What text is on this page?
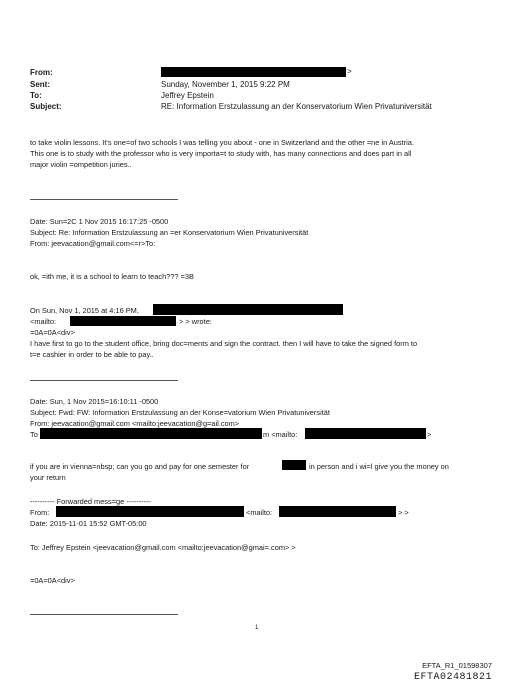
From:	>
Sent:	Sunday, November 1, 2015 9:22 PM
To:	Jeffrey Epstein
Subject:	RE: Information Erstzulassung an der Konservatorium Wien Privatuniversität
to take violin lessons. It's one=of two schools I was telling you about - one in Switzerland and the other =ne in Austria.
This one is to study with the professor who is very importa=t to study with, has many connections and does part in all
major violin =ompetition juries..
Date: Sun=2C 1 Nov 2015 16:17:25 -0500
Subject: Re: Information Erstzulassung an =er Konservatorium Wien Privatuniversität
From: jeevacation@gmail.com<=r>To:
ok, =ith me, it is a school to learn to teach??? =3B
On Sun, Nov 1, 2015 at 4:16 PM,
<mailto:	> > wrote:
=0A=0A<div>
I have first to go to the student office, bring doc=ments and sign the contract. then I will have to take the signed form to
t=e cashier in order to be able to pay..
Date: Sun, 1 Nov 2015=16:10:11 -0500
Subject: Fwd: FW: Information Erstzulassung an der Konse=vatorium Wien Privatuniversität
From: jeevacation@gmail.com <mailto:jeevacation@g=ail.com>
To	m <mailto:	>
if you are in vienna=nbsp; can you go and pay for one semester for	in person and i wi=l give you the money on
your return
---------- Forwarded mess=ge ----------
From:	<mailto:	> >
Date: 2015-11-01 15:52 GMT-05:00
To: Jeffrey Epstein <jeevacation@gmail.com <mailto:jeevacation@gmai=.com> >
=0A=0A<div>
1
EFTA_R1_01598307
EFTA02481821
